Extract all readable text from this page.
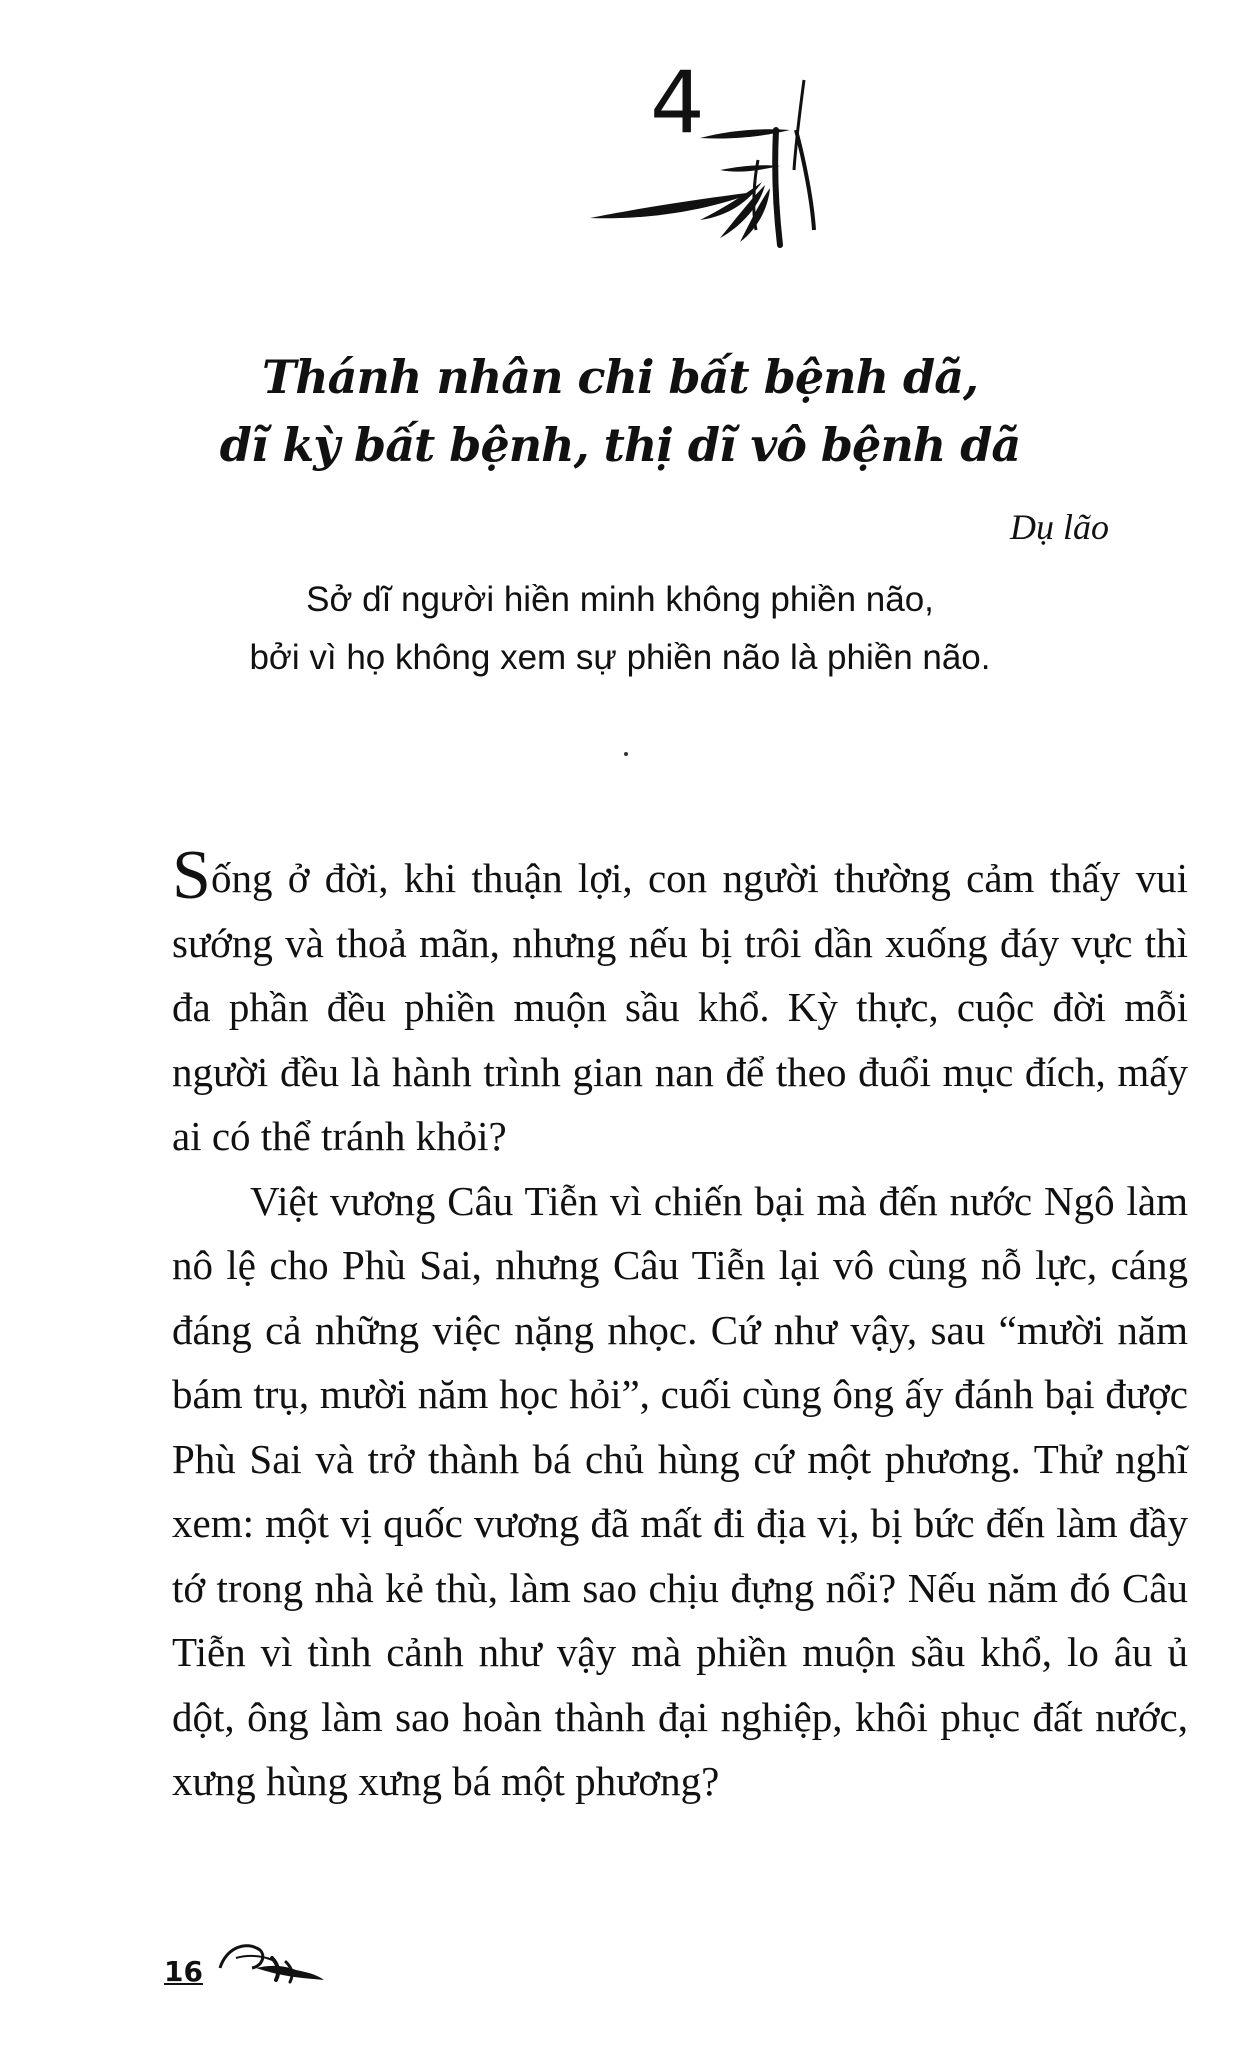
4
Thánh nhân chi bất bệnh dã,
dĩ kỳ bất bệnh, thị dĩ vô bệnh dã
Dụ lão
Sở dĩ người hiền minh không phiền não,
bởi vì họ không xem sự phiền não là phiền não.

Sống ở đời, khi thuận lợi, con người thường cảm thấy vui sướng và thoả mãn, nhưng nếu bị trôi dần xuống đáy vực thì đa phần đều phiền muộn sầu khổ. Kỳ thực, cuộc đời mỗi người đều là hành trình gian nan để theo đuổi mục đích, mấy ai có thể tránh khỏi?

Việt vương Câu Tiễn vì chiến bại mà đến nước Ngô làm nô lệ cho Phù Sai, nhưng Câu Tiễn lại vô cùng nỗ lực, cáng đáng cả những việc nặng nhọc. Cứ như vậy, sau “mười năm bám trụ, mười năm học hỏi”, cuối cùng ông ấy đánh bại được Phù Sai và trở thành bá chủ hùng cứ một phương. Thử nghĩ xem: một vị quốc vương đã mất đi địa vị, bị bức đến làm đầy tớ trong nhà kẻ thù, làm sao chịu đựng nổi? Nếu năm đó Câu Tiễn vì tình cảnh như vậy mà phiền muộn sầu khổ, lo âu ủ dột, ông làm sao hoàn thành đại nghiệp, khôi phục đất nước, xưng hùng xưng bá một phương?

16
